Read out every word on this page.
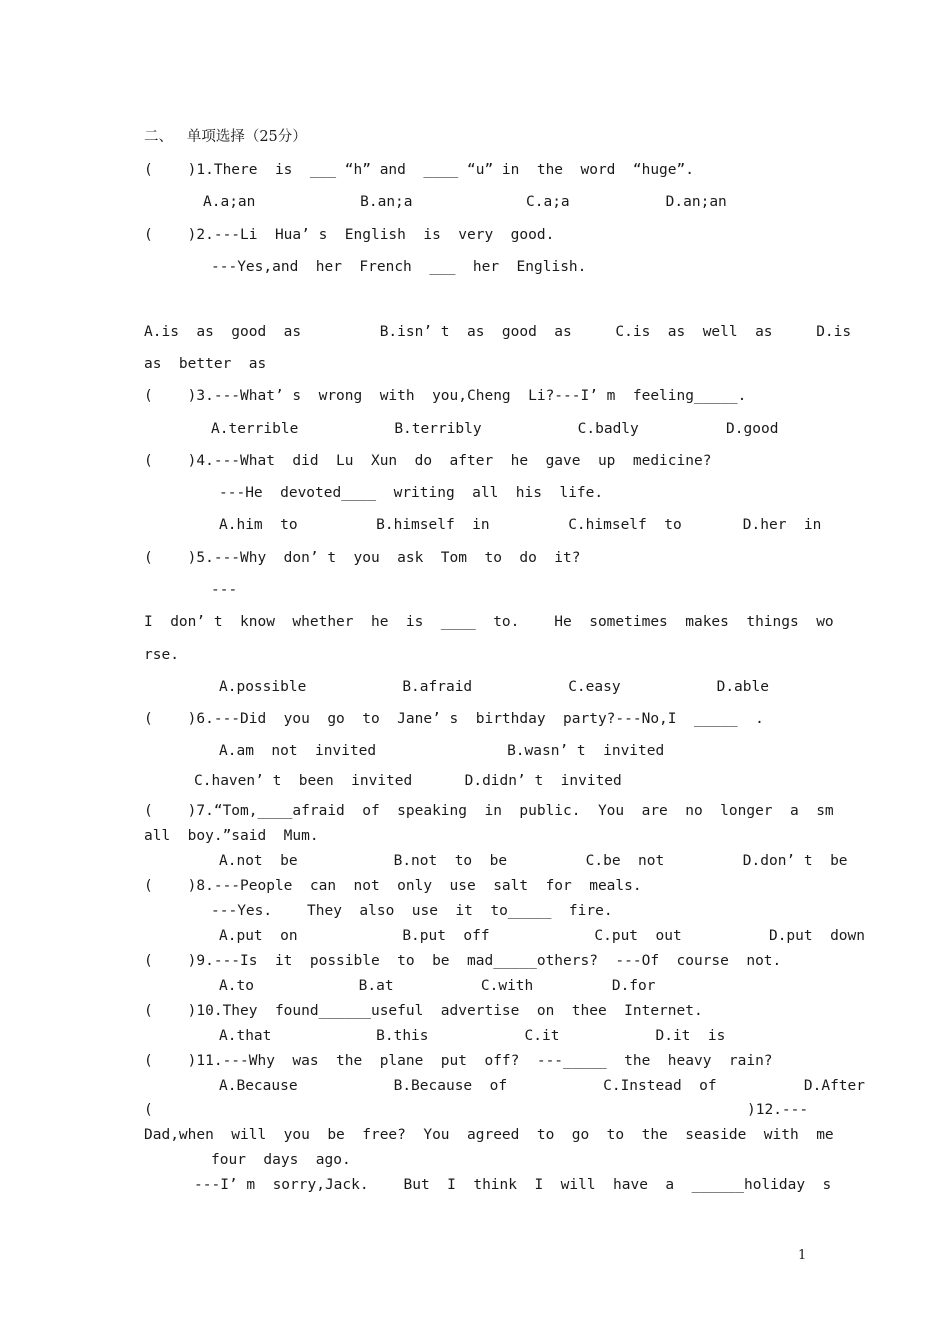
二、   单项选择（25分）
(    )1.There  is  ___ “h” and  ____ “u” in  the  word  “huge”.
A.a;an            B.an;a             C.a;a           D.an;an
(    )2.---Li  Hua’ s  English  is  very  good.
---Yes,and  her  French  ___  her  English.
A.is  as  good  as         B.isn’ t  as  good  as     C.is  as  well  as     D.is
as  better  as
(    )3.---What’ s  wrong  with  you,Cheng  Li?---I’ m  feeling_____.
A.terrible           B.terribly           C.badly          D.good
(    )4.---What  did  Lu  Xun  do  after  he  gave  up  medicine?
---He  devoted____  writing  all  his  life.
A.him  to         B.himself  in         C.himself  to       D.her  in
(    )5.---Why  don’ t  you  ask  Tom  to  do  it?
---
I  don’ t  know  whether  he  is  ____  to.    He  sometimes  makes  things  wo
rse.
A.possible           B.afraid           C.easy           D.able
(    )6.---Did  you  go  to  Jane’ s  birthday  party?---No,I  _____  .
A.am  not  invited               B.wasn’ t  invited
C.haven’ t  been  invited      D.didn’ t  invited
(    )7.“Tom,____afraid  of  speaking  in  public.  You  are  no  longer  a  sm
all  boy.”said  Mum.
A.not  be           B.not  to  be         C.be  not         D.don’ t  be
(    )8.---People  can  not  only  use  salt  for  meals.
---Yes.    They  also  use  it  to_____  fire.
A.put  on            B.put  off            C.put  out          D.put  down
(    )9.---Is  it  possible  to  be  mad_____others?  ---Of  course  not.
A.to            B.at          C.with         D.for
(    )10.They  found______useful  advertise  on  thee  Internet.
A.that            B.this           C.it           D.it  is
(    )11.---Why  was  the  plane  put  off?  ---_____  the  heavy  rain?
A.Because           B.Because  of           C.Instead  of          D.After
(	)12.---
Dad,when  will  you  be  free?  You  agreed  to  go  to  the  seaside  with  me
four  days  ago.
---I’ m  sorry,Jack.    But  I  think  I  will  have  a  ______holiday  s
1
